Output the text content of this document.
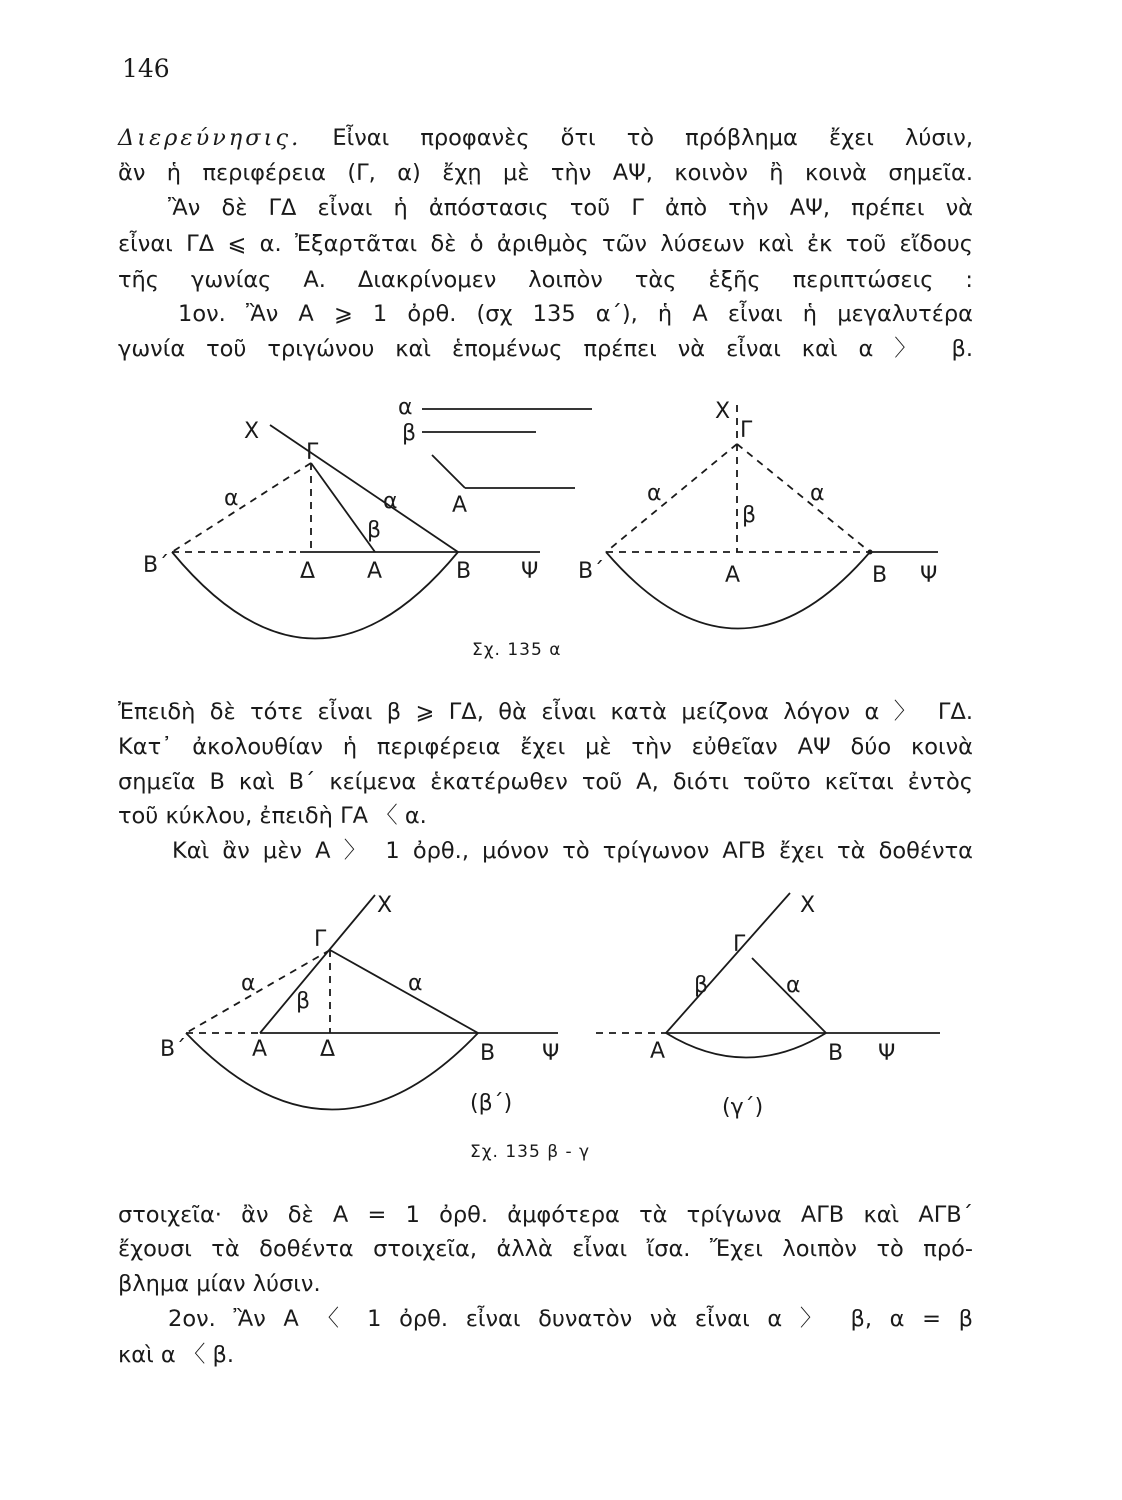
146
Διερεύνησις. Εἶναι προφανὲς ὅτι τὸ πρόβλημα ἔχει λύσιν,
ἂν ἡ περιφέρεια (Γ, α) ἔχῃ μὲ τὴν ΑΨ, κοινὸν ἢ κοινὰ σημεῖα.
Ἂν δὲ ΓΔ εἶναι ἡ ἀπόστασις τοῦ Γ ἀπὸ τὴν ΑΨ, πρέπει νὰ
εἶναι ΓΔ ⩽ α. Ἐξαρτᾶται δὲ ὁ ἀριθμὸς τῶν λύσεων καὶ ἐκ τοῦ εἴδους
τῆς γωνίας Α. Διακρίνομεν λοιπὸν τὰς ἑξῆς περιπτώσεις :
1ον. Ἂν Α ⩾ 1 ὀρθ. (σχ 135 α΄), ἡ Α εἶναι ἡ μεγαλυτέρα
γωνία τοῦ τριγώνου καὶ ἑπομένως πρέπει νὰ εἶναι καὶ α 〉 β.
X
Γ
α	α
β
Β΄	Δ Α	Β Ψ
α
β
Α
X
Γ
α	α
β
Β΄	Α	Β Ψ
Σχ. 135 α
Ἐπειδὴ δὲ τότε εἶναι β ⩾ ΓΔ, θὰ εἶναι κατὰ μείζονα λόγον α 〉 ΓΔ.
Κατ᾽ ἀκολουθίαν ἡ περιφέρεια ἔχει μὲ τὴν εὐθεῖαν ΑΨ δύο κοινὰ
σημεῖα Β καὶ Β΄ κείμενα ἑκατέρωθεν τοῦ Α, διότι τοῦτο κεῖται ἐντὸς
τοῦ κύκλου, ἐπειδὴ ΓΑ 〈 α.
Καὶ ἂν μὲν Α 〉 1 ὀρθ., μόνον τὸ τρίγωνον ΑΓΒ ἔχει τὰ δοθέντα
X
Γ
α	α
β
Β΄	Α Δ	Β Ψ
(β΄)
X
Γ
β	α
Α	Β Ψ
(γ΄)
Σχ. 135 β - γ
στοιχεῖα· ἂν δὲ Α = 1 ὀρθ. ἀμφότερα τὰ τρίγωνα ΑΓΒ καὶ ΑΓΒ΄
ἔχουσι τὰ δοθέντα στοιχεῖα, ἀλλὰ εἶναι ἴσα. Ἔχει λοιπὸν τὸ πρό-
βλημα μίαν λύσιν.
2ον. Ἂν Α 〈 1 ὀρθ. εἶναι δυνατὸν νὰ εἶναι α 〉 β, α = β
καὶ α 〈 β.
